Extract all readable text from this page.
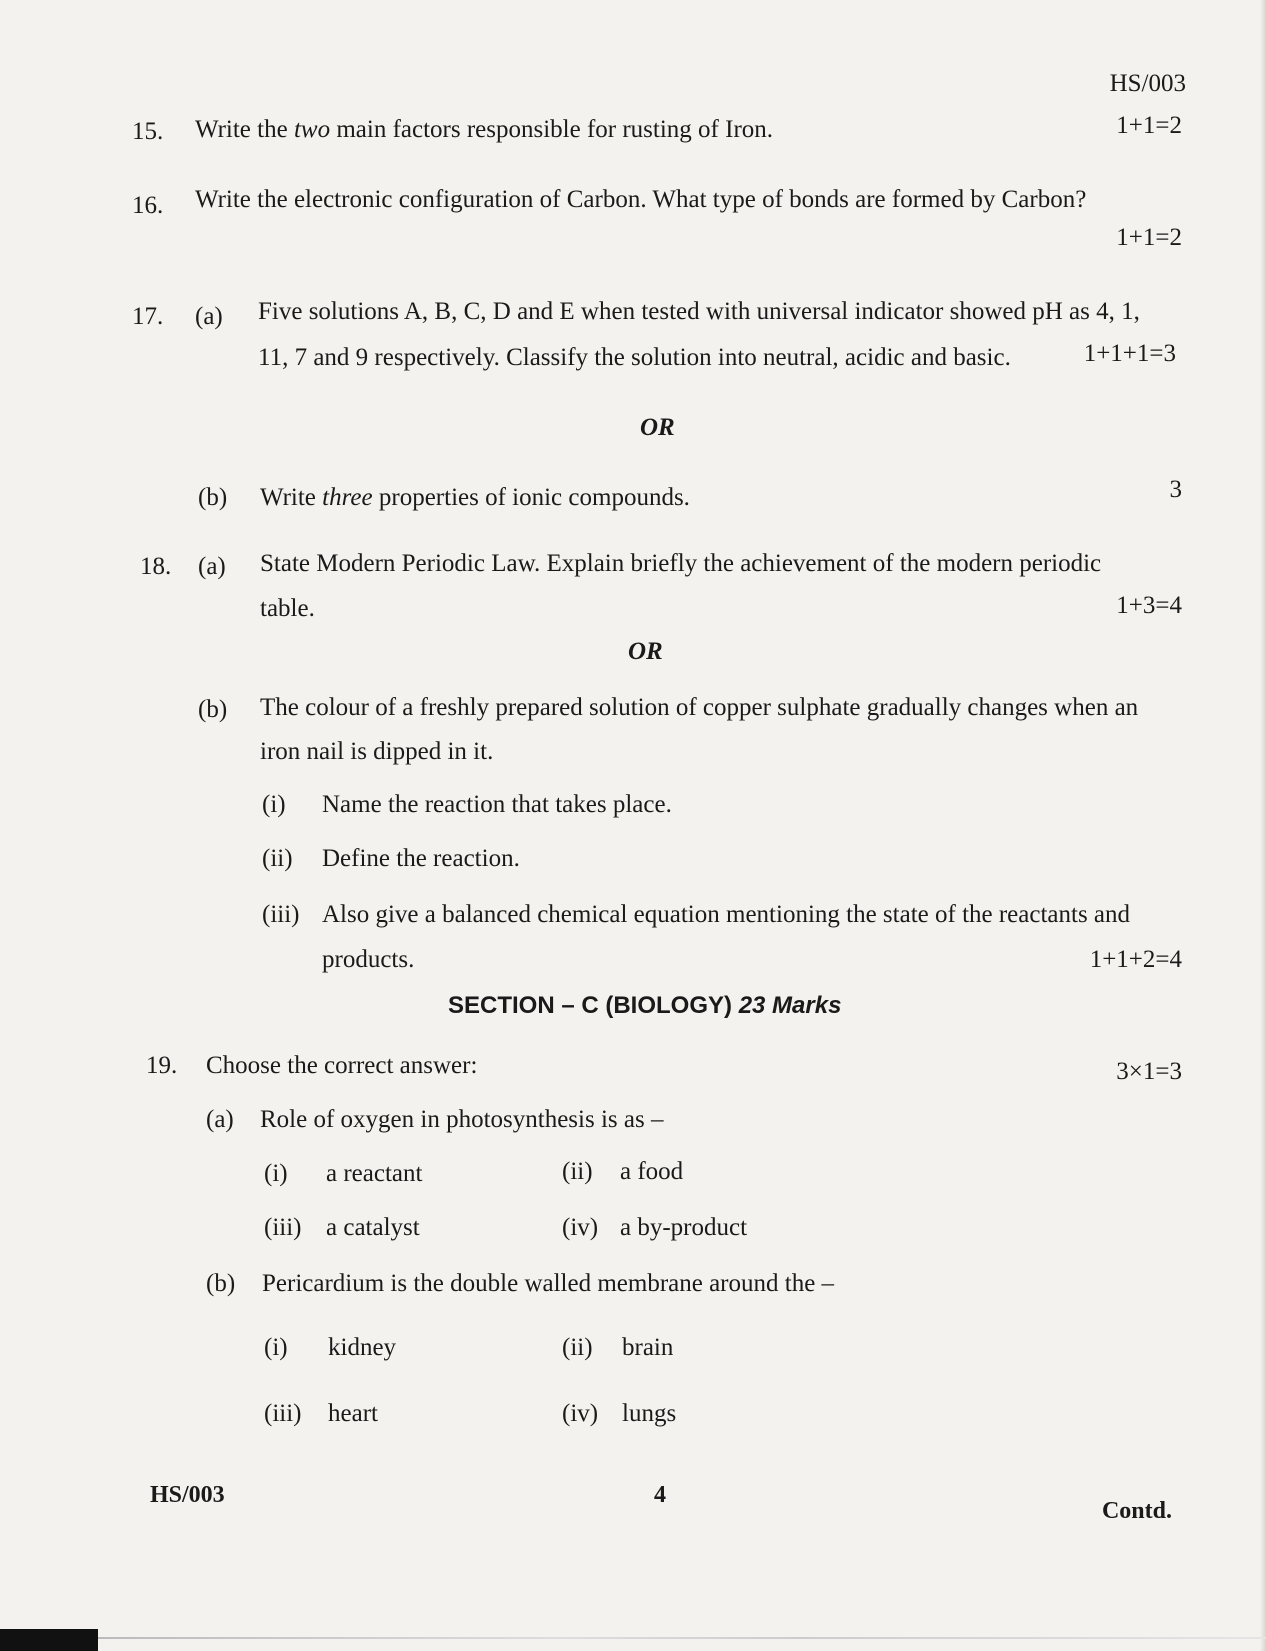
HS/003
15. Write the two main factors responsible for rusting of Iron.	1+1=2
16. Write the electronic configuration of Carbon. What type of bonds are formed by Carbon?
1+1=2
17. (a) Five solutions A, B, C, D and E when tested with universal indicator showed pH as 4, 1,
11, 7 and 9 respectively. Classify the solution into neutral, acidic and basic.	1+1+1=3
OR
(b) Write three properties of ionic compounds.	3
18. (a) State Modern Periodic Law. Explain briefly the achievement of the modern periodic
table.	1+3=4
OR
(b) The colour of a freshly prepared solution of copper sulphate gradually changes when an
iron nail is dipped in it.
(i) Name the reaction that takes place.
(ii) Define the reaction.
(iii) Also give a balanced chemical equation mentioning the state of the reactants and
products.	1+1+2=4
SECTION – C (BIOLOGY) 23 Marks
19. Choose the correct answer:	3×1=3
(a) Role of oxygen in photosynthesis is as –
(i) a reactant	(ii) a food
(iii) a catalyst	(iv) a by-product
(b) Pericardium is the double walled membrane around the –
(i) kidney	(ii) brain
(iii) heart	(iv) lungs
HS/003	4
Contd.
